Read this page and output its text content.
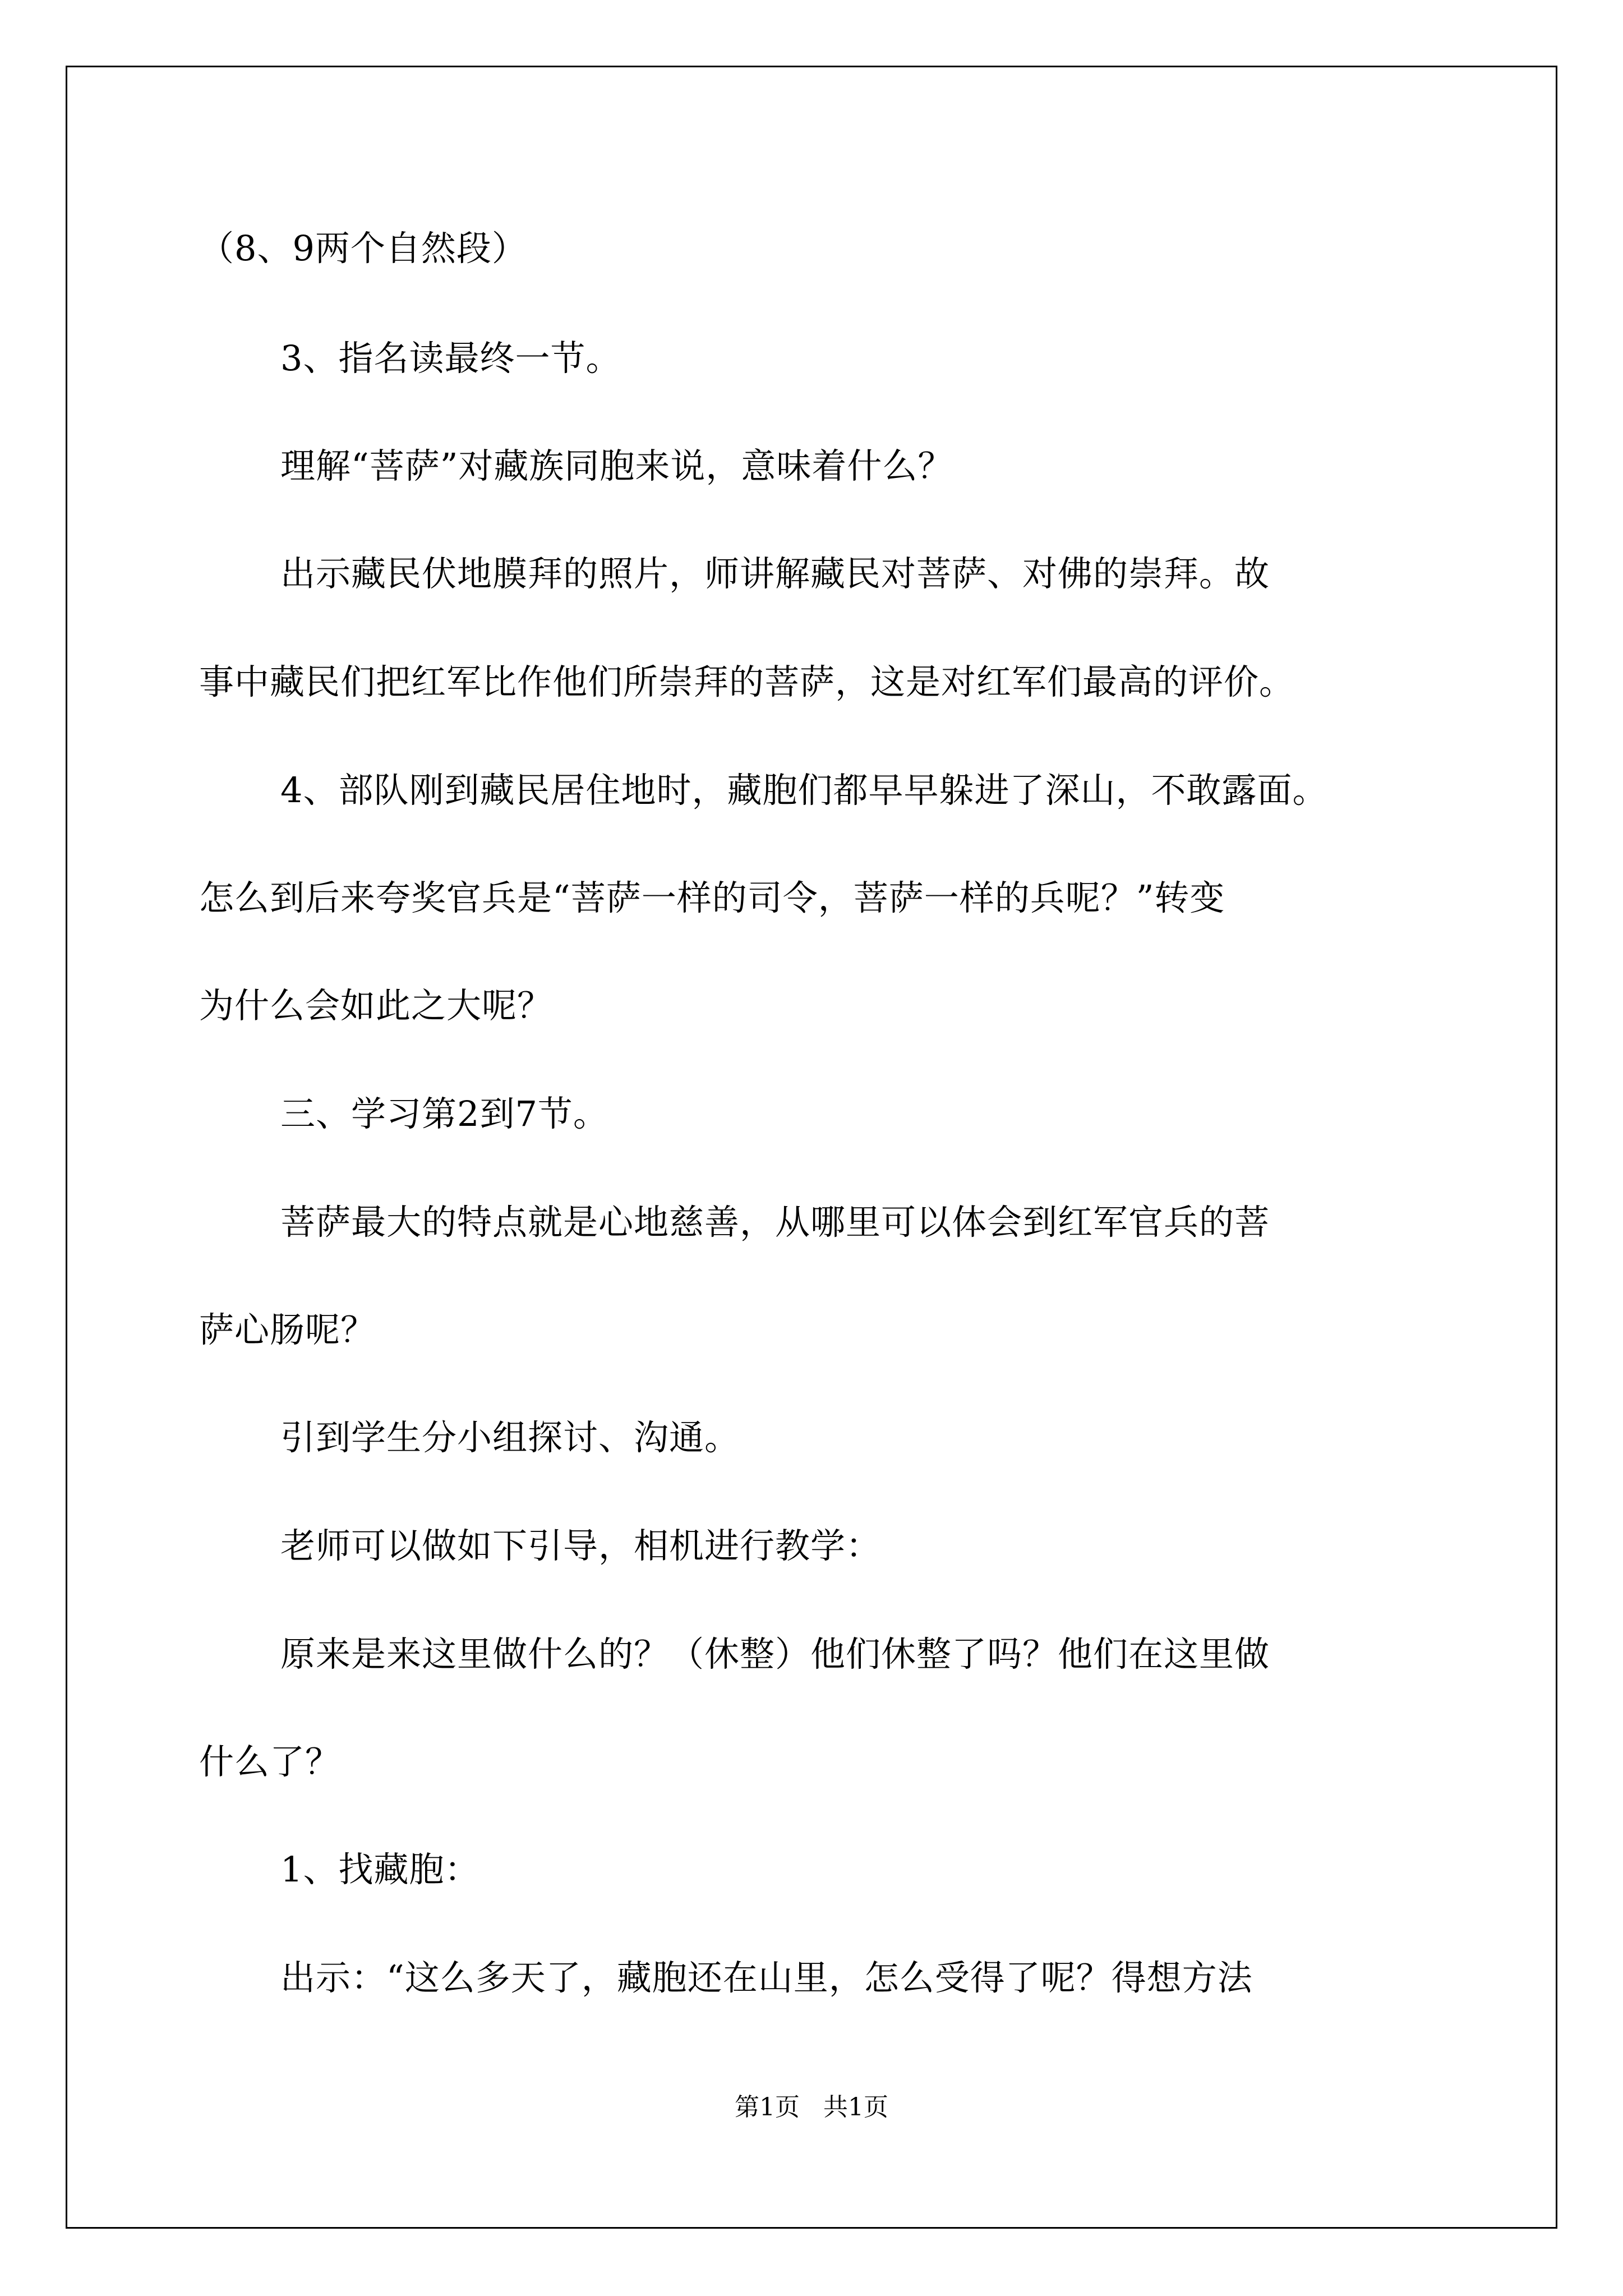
（8、9两个自然段）
3、指名读最终一节。
理解“菩萨”对藏族同胞来说，意味着什么？
出示藏民伏地膜拜的照片，师讲解藏民对菩萨、对佛的崇拜。故
事中藏民们把红军比作他们所崇拜的菩萨，这是对红军们最高的评价。
4、部队刚到藏民居住地时，藏胞们都早早躲进了深山，不敢露面。
怎么到后来夸奖官兵是“菩萨一样的司令，菩萨一样的兵呢？”转变
为什么会如此之大呢？
三、学习第2到7节。
菩萨最大的特点就是心地慈善，从哪里可以体会到红军官兵的菩
萨心肠呢？
引到学生分小组探讨、沟通。
老师可以做如下引导，相机进行教学：
原来是来这里做什么的？（休整）他们休整了吗？他们在这里做
什么了？
1、找藏胞：
出示：“这么多天了，藏胞还在山里，怎么受得了呢？得想方法
第1页   共1页
